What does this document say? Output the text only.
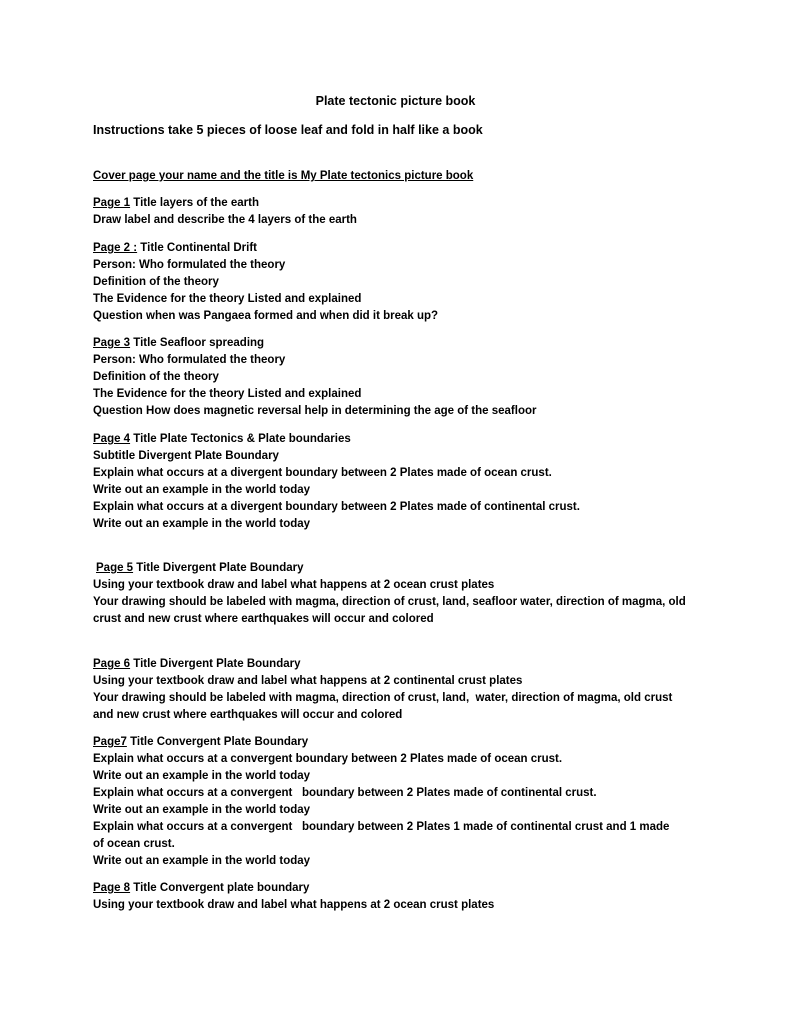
Plate tectonic picture book
Instructions take 5 pieces of loose leaf and fold in half like a book
Cover page your name and the title is My Plate tectonics picture book
Page 1 Title layers of the earth
Draw label and describe the 4 layers of the earth
Page 2 : Title Continental Drift
Person: Who formulated the theory
Definition of the theory
The Evidence for the theory Listed and explained
Question when was Pangaea formed and when did it break up?
Page 3 Title Seafloor spreading
Person: Who formulated the theory
Definition of the theory
The Evidence for the theory Listed and explained
Question How does magnetic reversal help in determining the age of the seafloor
Page 4 Title Plate Tectonics & Plate boundaries
Subtitle Divergent Plate Boundary
Explain what occurs at a divergent boundary between 2 Plates made of ocean crust.
Write out an example in the world today
Explain what occurs at a divergent boundary between 2 Plates made of continental crust.
Write out an example in the world today
Page 5 Title Divergent Plate Boundary
Using your textbook draw and label what happens at 2 ocean crust plates
Your drawing should be labeled with magma, direction of crust, land, seafloor water, direction of magma, old crust and new crust where earthquakes will occur and colored
Page 6 Title Divergent Plate Boundary
Using your textbook draw and label what happens at 2 continental crust plates
Your drawing should be labeled with magma, direction of crust, land,  water, direction of magma, old crust and new crust where earthquakes will occur and colored
Page7 Title Convergent Plate Boundary
Explain what occurs at a convergent boundary between 2 Plates made of ocean crust.
Write out an example in the world today
Explain what occurs at a convergent   boundary between 2 Plates made of continental crust.
Write out an example in the world today
Explain what occurs at a convergent   boundary between 2 Plates 1 made of continental crust and 1 made of ocean crust.
Write out an example in the world today
Page 8 Title Convergent plate boundary
Using your textbook draw and label what happens at 2 ocean crust plates
